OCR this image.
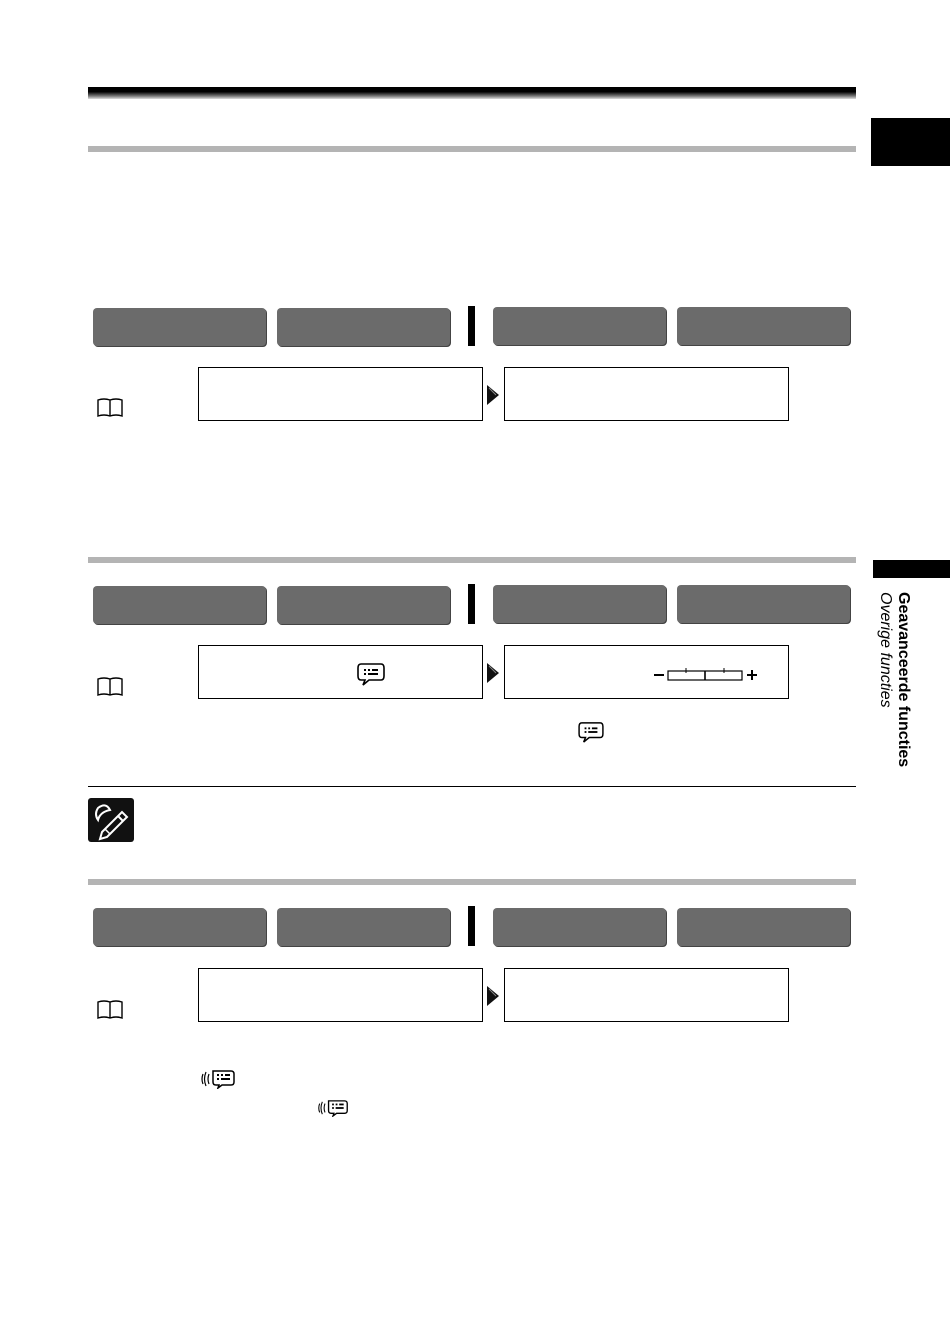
Geavanceerde functies
Overige functies
